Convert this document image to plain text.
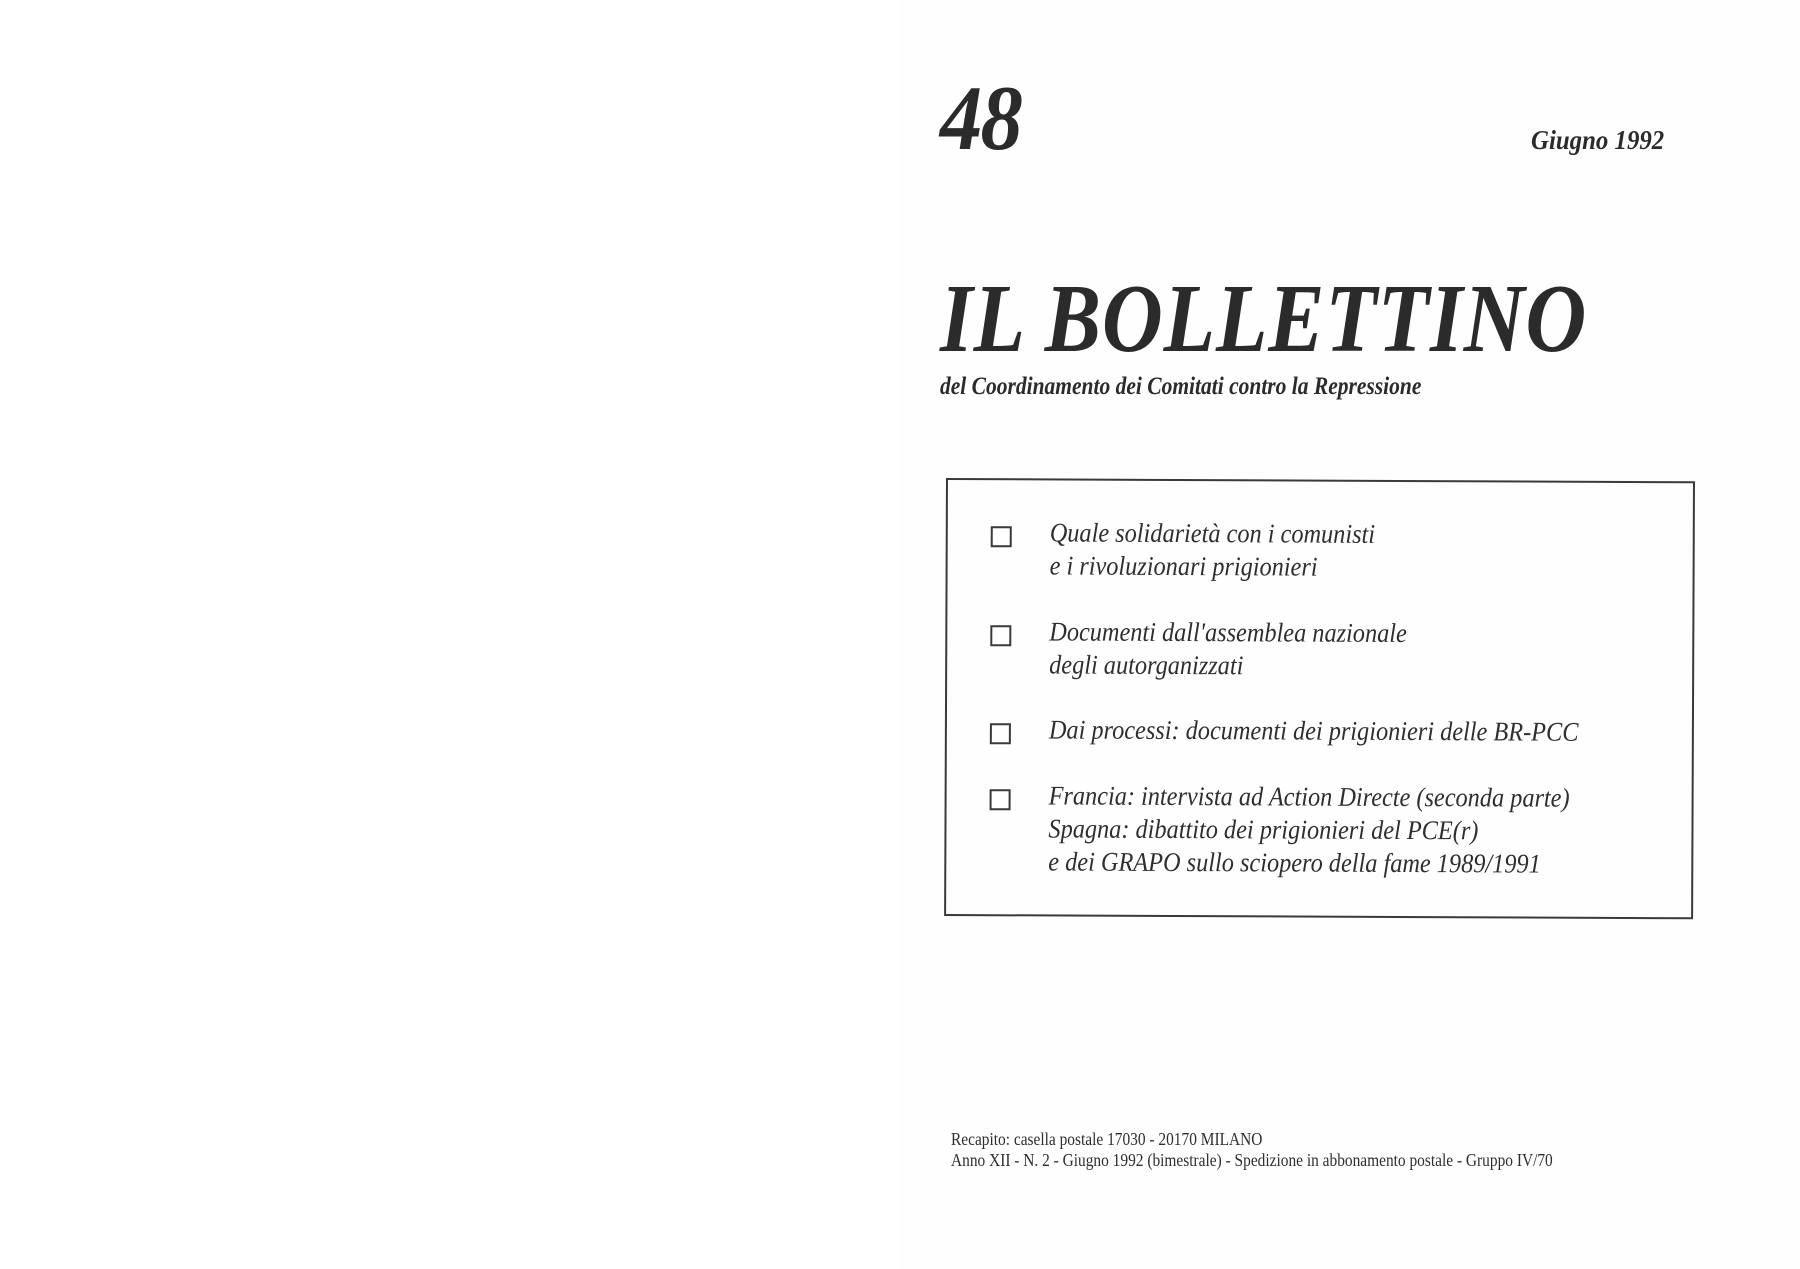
48	Giugno 1992
IL BOLLETTINO
del Coordinamento dei Comitati contro la Repressione
Quale solidarietà con i comunisti
e i rivoluzionari prigionieri
Documenti dall'assemblea nazionale
degli autorganizzati
Dai processi: documenti dei prigionieri delle BR-PCC
Francia: intervista ad Action Directe (seconda parte)
Spagna: dibattito dei prigionieri del PCE(r)
e dei GRAPO sullo sciopero della fame 1989/1991
Recapito: casella postale 17030 - 20170 MILANO
Anno XII - N. 2 - Giugno 1992 (bimestrale) - Spedizione in abbonamento postale - Gruppo IV/70
